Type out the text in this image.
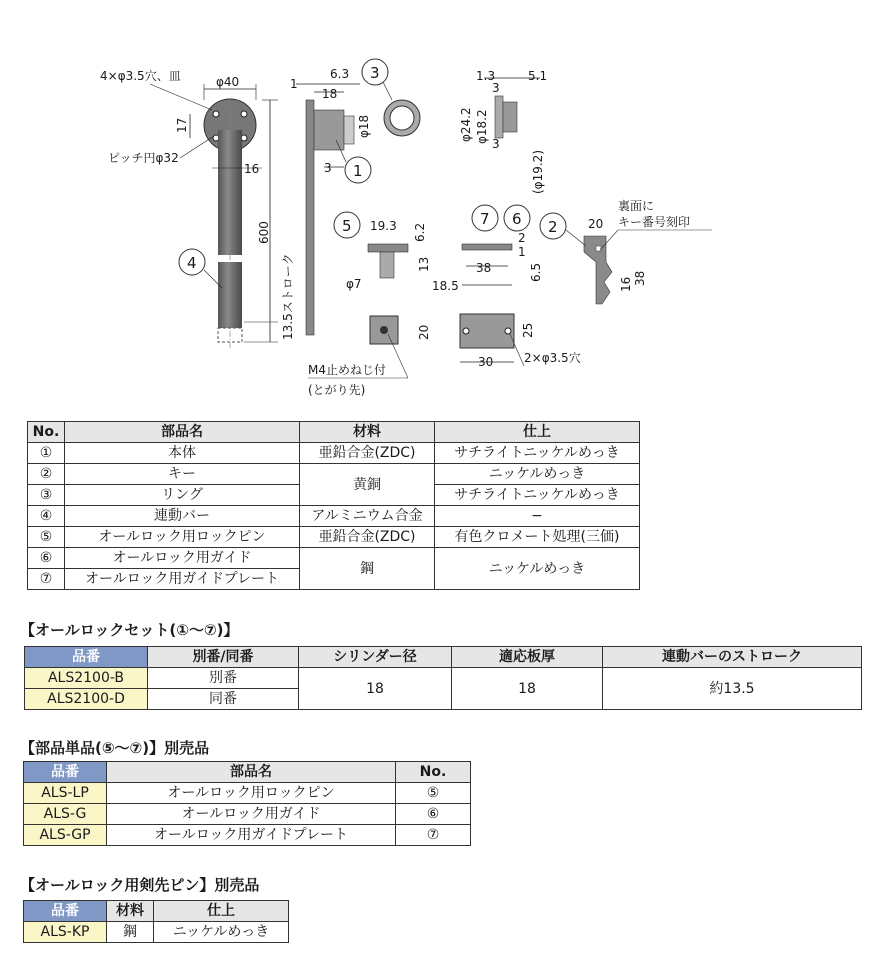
4×φ3.5穴、皿	φ40
17
ピッチ円φ32
16
600
13.5ストローク
4
1
6.3
18
φ18
3 1
3	1.3	5.1
φ24.2 φ18.2
3
3
(φ19.2)
5 19.3 6.2
13
φ7
20
M4止めねじ付
(とがり先)
7 6
2
1
38	6.5
18.5
25
30	2×φ3.5穴
2
裏面に
キー番号刻印
20
16 38
No.	部品名	材料	仕上
①	本体	亜鉛合金(ZDC)	サチライトニッケルめっき
②	キー	黄銅	ニッケルめっき
③	リング		サチライトニッケルめっき
④	連動バー	アルミニウム合金	−
⑤	オールロック用ロックピン	亜鉛合金(ZDC)	有色クロメート処理(三価)
⑥	オールロック用ガイド	鋼	ニッケルめっき
⑦	オールロック用ガイドプレート		
【オールロックセット(①〜⑦)】
品番	別番/同番	シリンダー径	適応板厚	連動バーのストローク
ALS2100-B	別番	18	18	約13.5
ALS2100-D	同番			
【部品単品(⑤〜⑦)】別売品
品番	部品名	No.
ALS-LP	オールロック用ロックピン	⑤
ALS-G	オールロック用ガイド	⑥
ALS-GP	オールロック用ガイドプレート	⑦
【オールロック用剣先ピン】別売品
品番	材料	仕上
ALS-KP	鋼	ニッケルめっき
